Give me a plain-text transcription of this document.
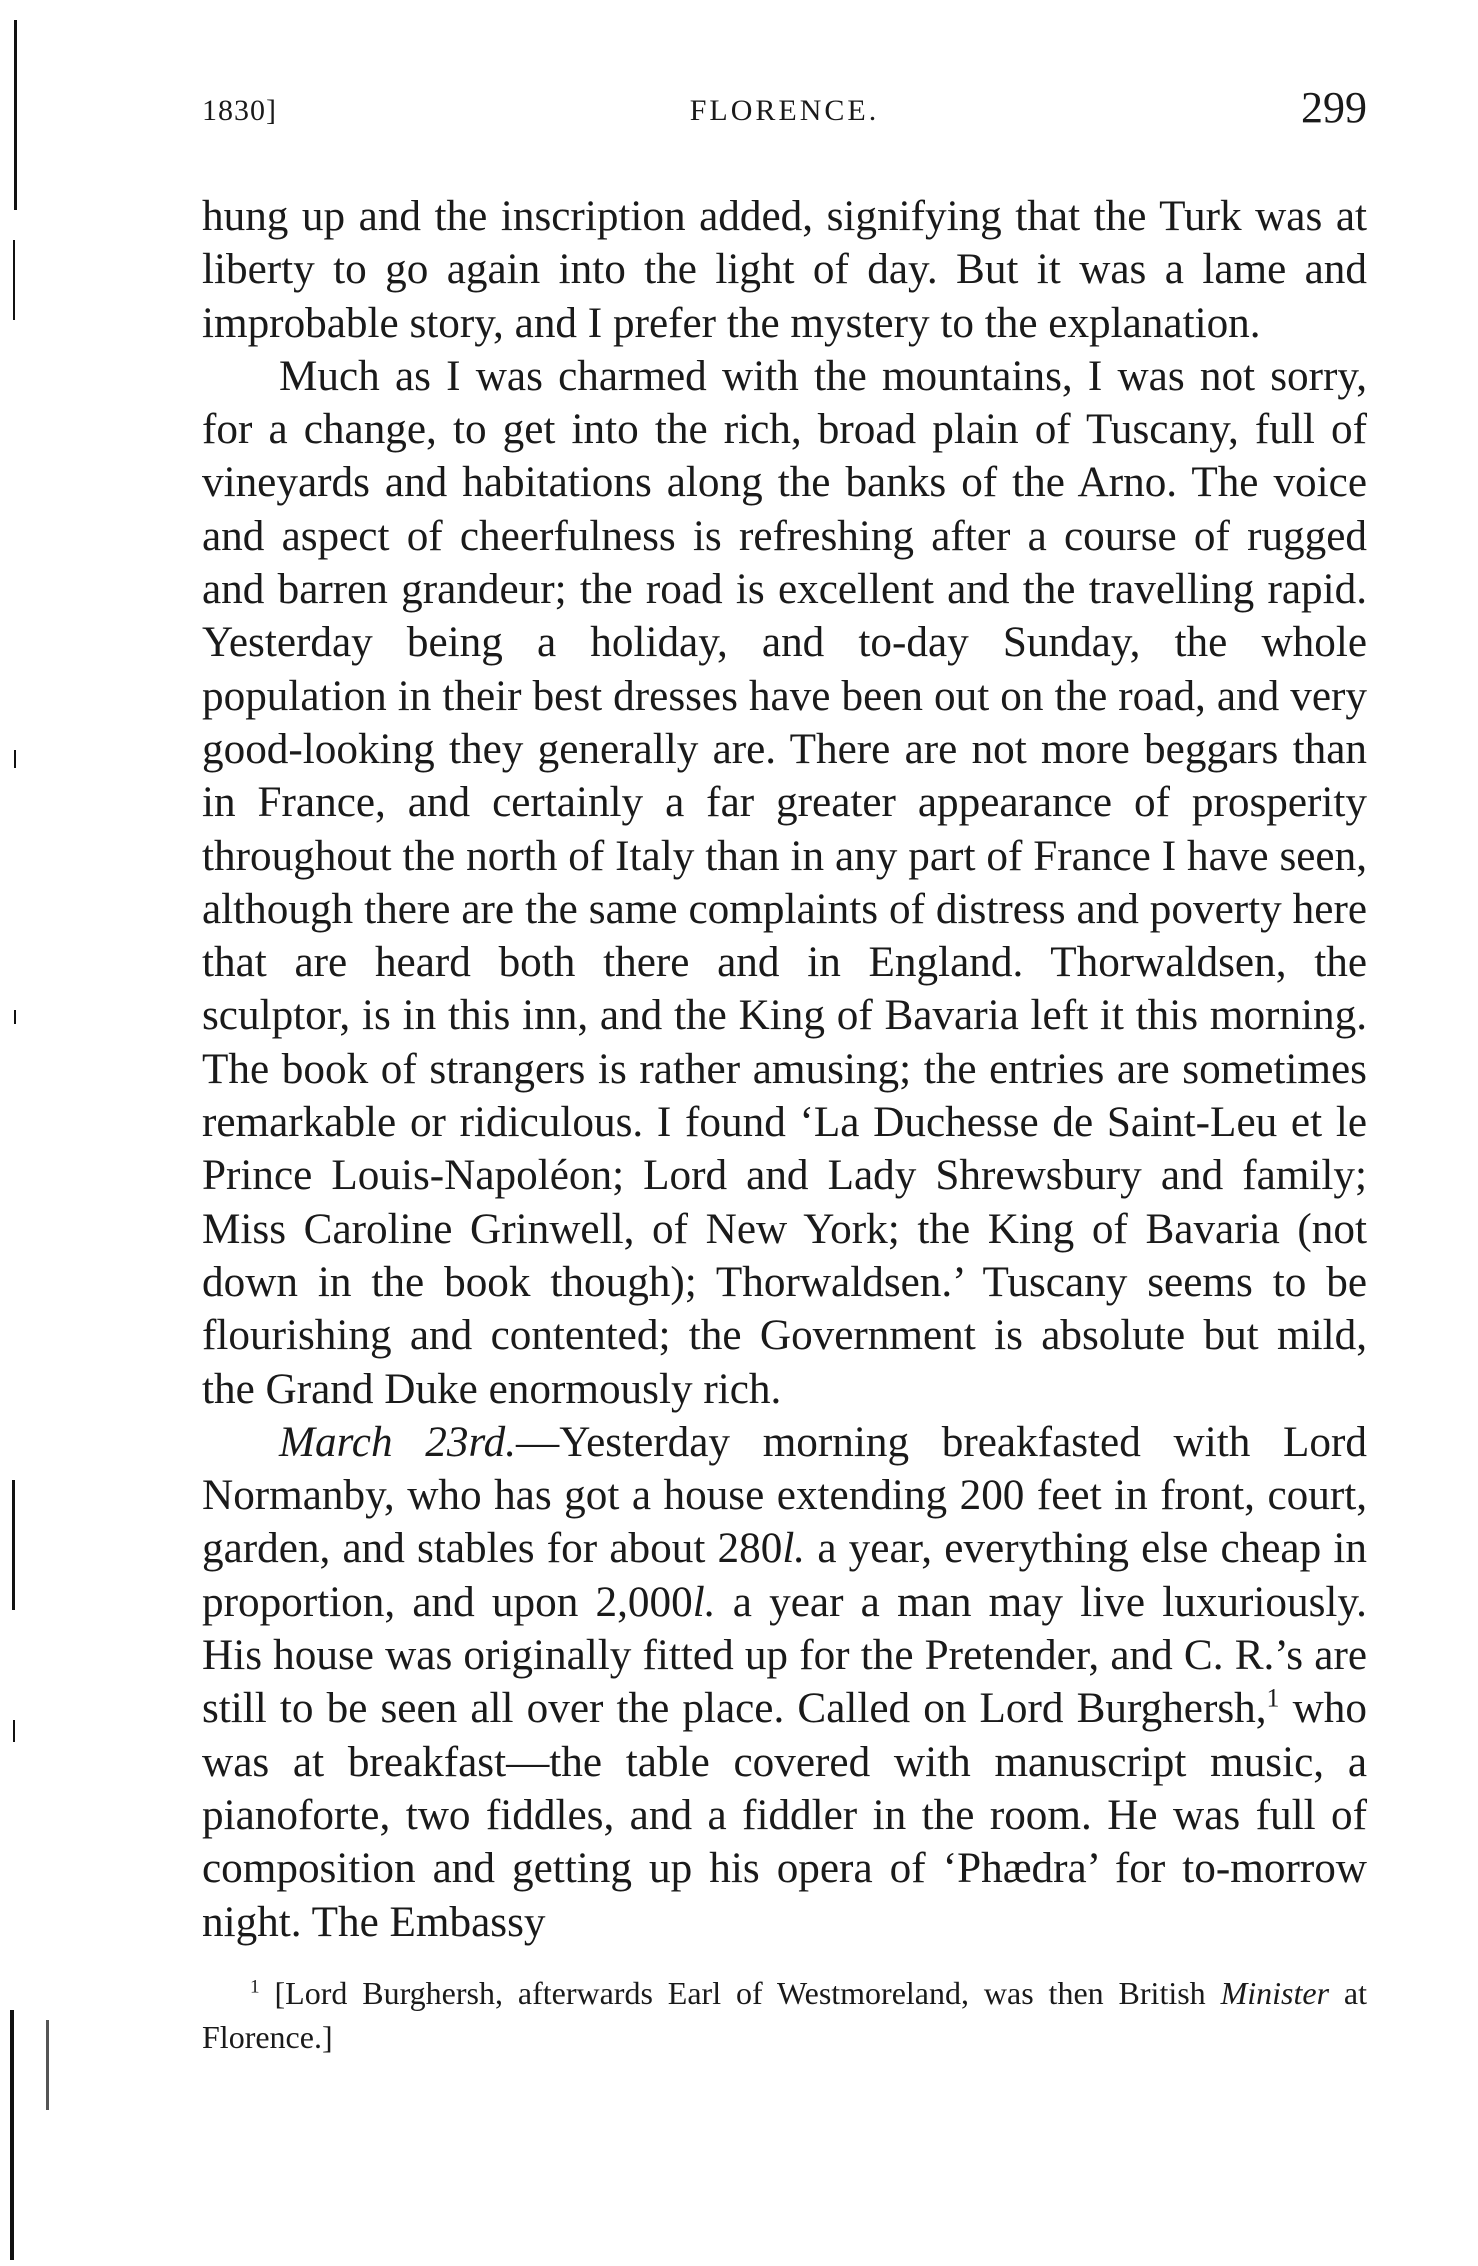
1830]	FLORENCE.	299

hung up and the inscription added, signifying that the Turk was at liberty to go again into the light of day. But it was a lame and improbable story, and I prefer the mystery to the explanation.

Much as I was charmed with the mountains, I was not sorry, for a change, to get into the rich, broad plain of Tuscany, full of vineyards and habitations along the banks of the Arno. The voice and aspect of cheerfulness is refreshing after a course of rugged and barren grandeur; the road is excellent and the travelling rapid. Yesterday being a holiday, and to-day Sunday, the whole population in their best dresses have been out on the road, and very good-looking they generally are. There are not more beggars than in France, and certainly a far greater appearance of prosperity throughout the north of Italy than in any part of France I have seen, although there are the same complaints of distress and poverty here that are heard both there and in England. Thorwaldsen, the sculptor, is in this inn, and the King of Bavaria left it this morning. The book of strangers is rather amusing; the entries are sometimes remarkable or ridiculous. I found ‘La Duchesse de Saint-Leu et le Prince Louis-Napoléon; Lord and Lady Shrewsbury and family; Miss Caroline Grinwell, of New York; the King of Bavaria (not down in the book though); Thorwaldsen.’ Tuscany seems to be flourishing and contented; the Government is absolute but mild, the Grand Duke enormously rich.

March 23rd.—Yesterday morning breakfasted with Lord Normanby, who has got a house extending 200 feet in front, court, garden, and stables for about 280l. a year, everything else cheap in proportion, and upon 2,000l. a year a man may live luxuriously. His house was originally fitted up for the Pretender, and C. R.’s are still to be seen all over the place. Called on Lord Burghersh,$^1$ who was at breakfast—the table covered with manuscript music, a pianoforte, two fiddles, and a fiddler in the room. He was full of composition and getting up his opera of ‘Phædra’ for to-morrow night. The Embassy

$^1$ [Lord Burghersh, afterwards Earl of Westmoreland, was then British Minister at Florence.]
